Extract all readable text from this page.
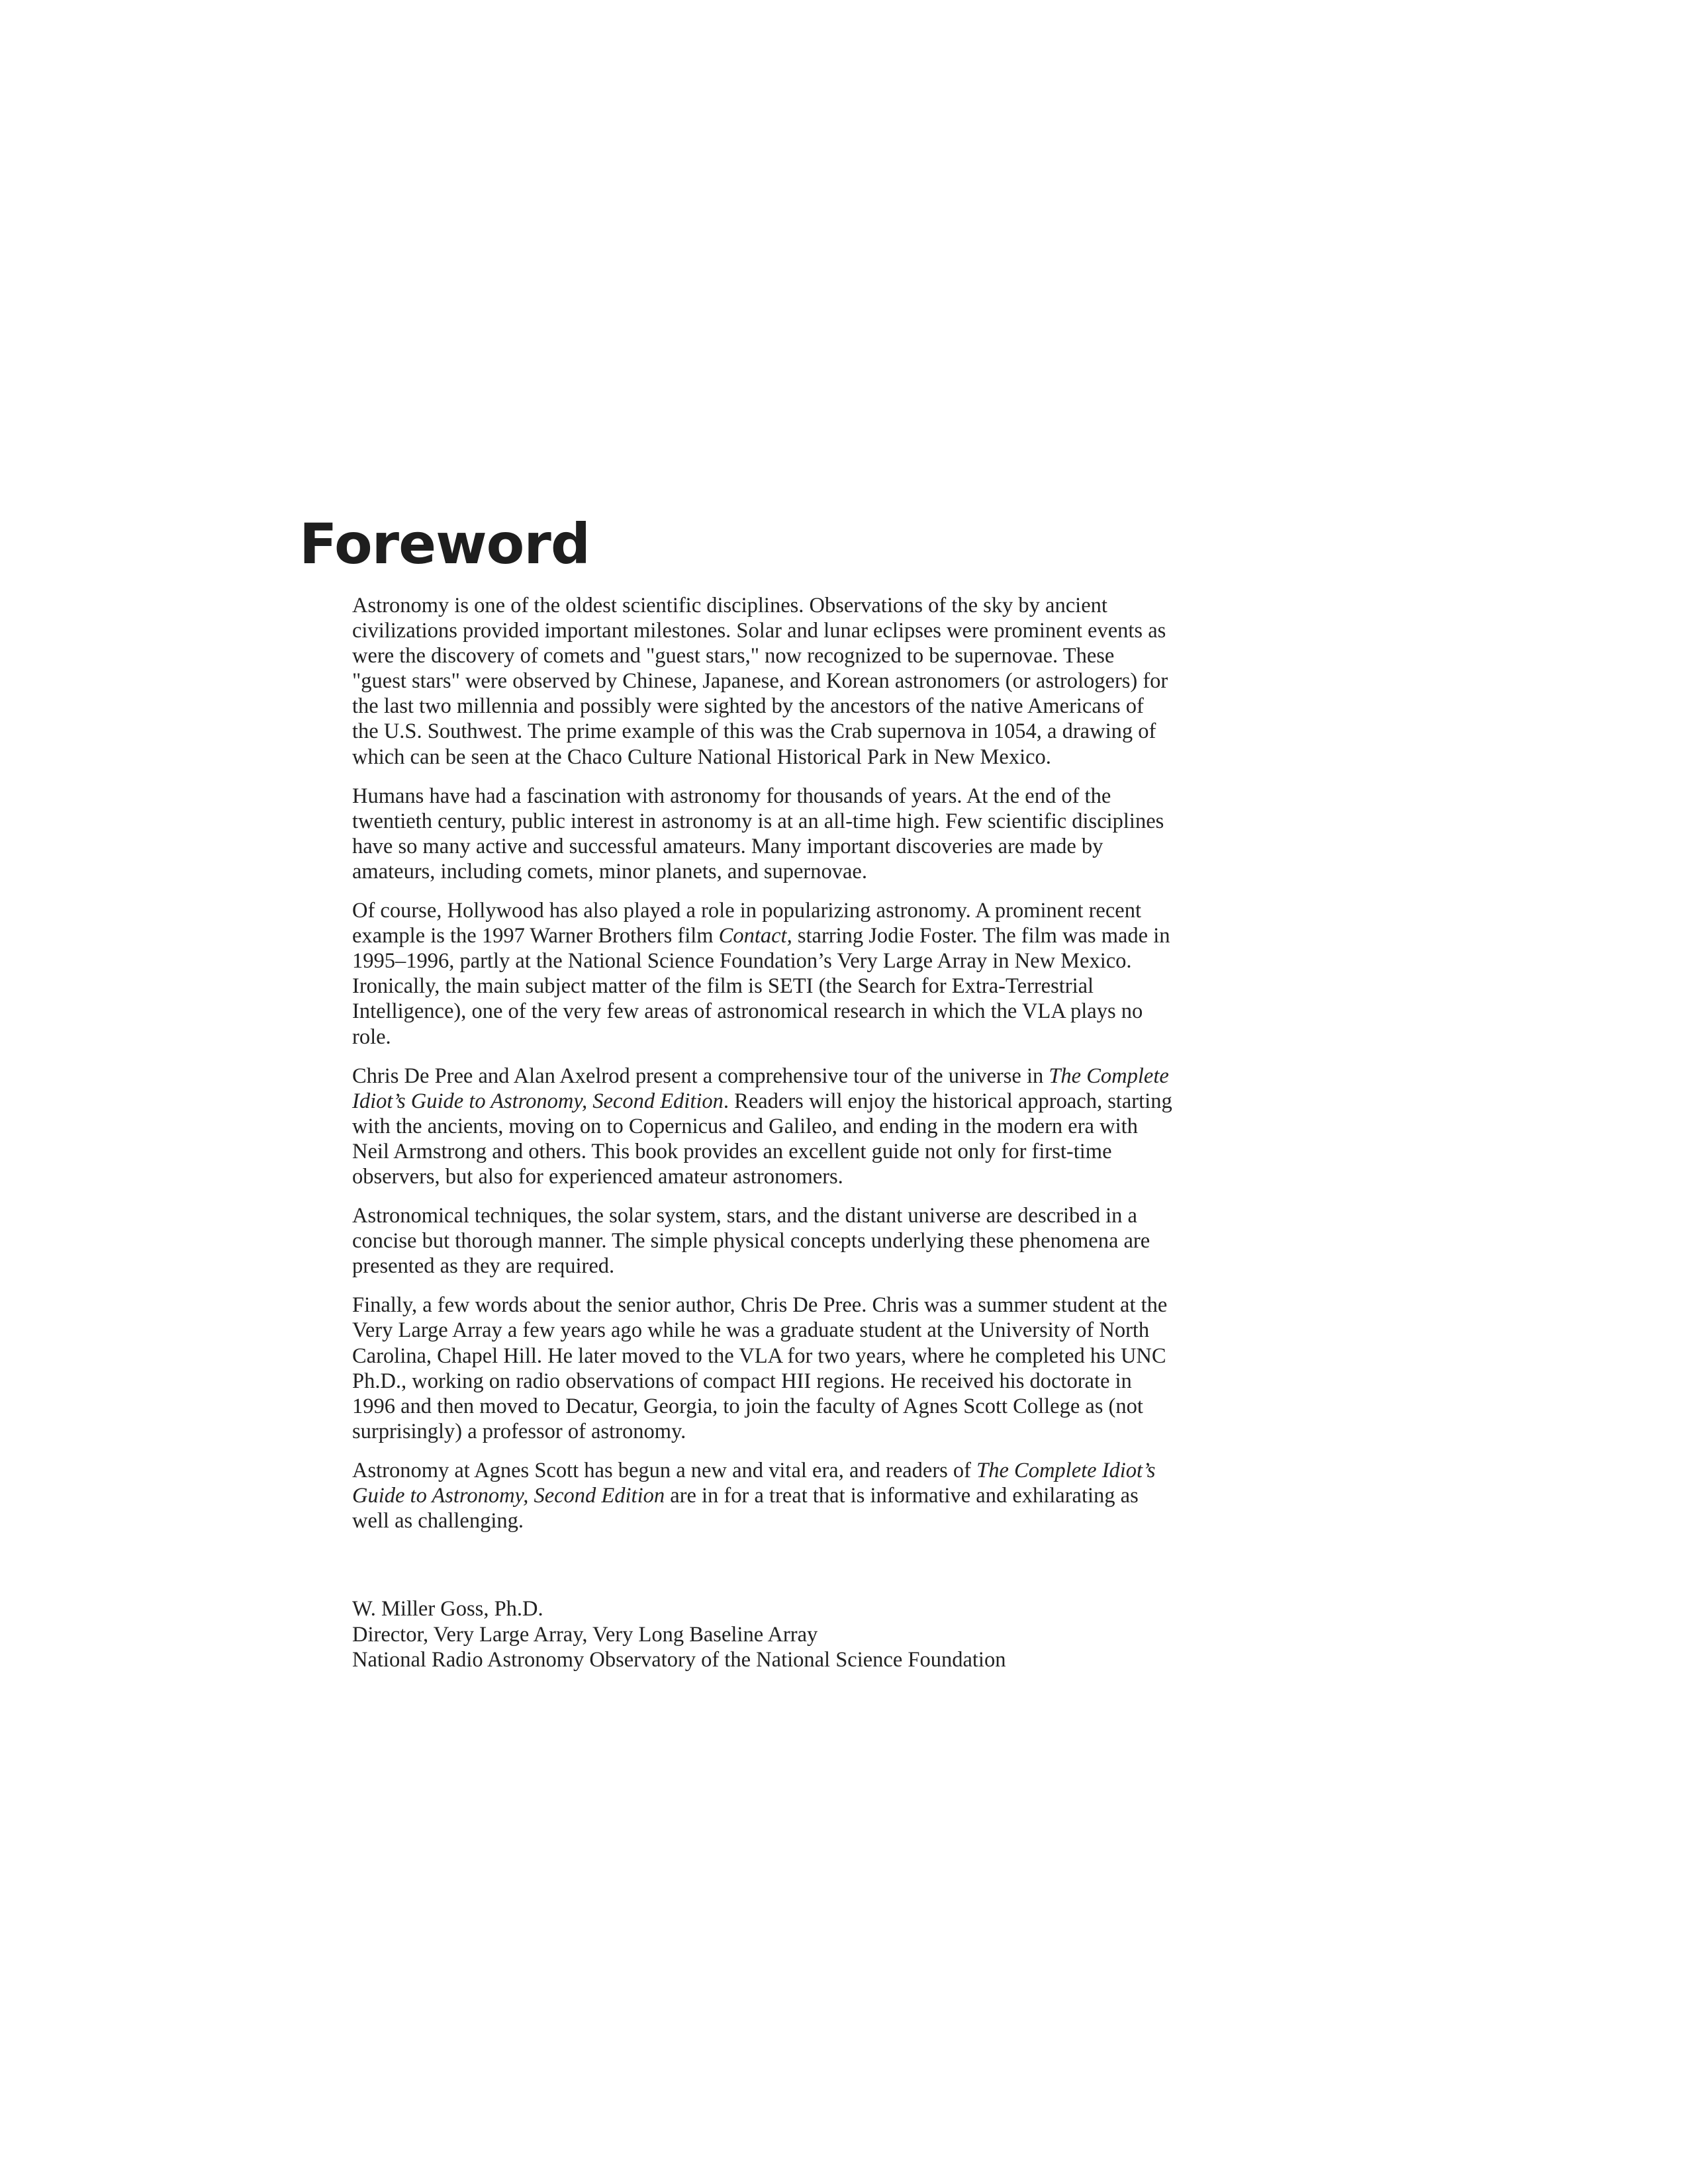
Foreword

Astronomy is one of the oldest scientific disciplines. Observations of the sky by ancient civilizations provided important milestones. Solar and lunar eclipses were prominent events as were the discovery of comets and "guest stars," now recognized to be supernovae. These "guest stars" were observed by Chinese, Japanese, and Korean astronomers (or astrologers) for the last two millennia and possibly were sighted by the ancestors of the native Americans of the U.S. Southwest. The prime example of this was the Crab supernova in 1054, a drawing of which can be seen at the Chaco Culture National Historical Park in New Mexico.

Humans have had a fascination with astronomy for thousands of years. At the end of the twentieth century, public interest in astronomy is at an all-time high. Few scientific disciplines have so many active and successful amateurs. Many important discoveries are made by amateurs, including comets, minor planets, and supernovae.

Of course, Hollywood has also played a role in popularizing astronomy. A prominent recent example is the 1997 Warner Brothers film Contact, starring Jodie Foster. The film was made in 1995–1996, partly at the National Science Foundation’s Very Large Array in New Mexico. Ironically, the main subject matter of the film is SETI (the Search for Extra-Terrestrial Intelligence), one of the very few areas of astronomical research in which the VLA plays no role.

Chris De Pree and Alan Axelrod present a comprehensive tour of the universe in The Complete Idiot’s Guide to Astronomy, Second Edition. Readers will enjoy the historical approach, starting with the ancients, moving on to Copernicus and Galileo, and ending in the modern era with Neil Armstrong and others. This book provides an excellent guide not only for first-time observers, but also for experienced amateur astronomers.

Astronomical techniques, the solar system, stars, and the distant universe are described in a concise but thorough manner. The simple physical concepts underlying these phenomena are presented as they are required.

Finally, a few words about the senior author, Chris De Pree. Chris was a summer student at the Very Large Array a few years ago while he was a graduate student at the University of North Carolina, Chapel Hill. He later moved to the VLA for two years, where he completed his UNC Ph.D., working on radio observations of compact HII regions. He received his doctorate in 1996 and then moved to Decatur, Georgia, to join the faculty of Agnes Scott College as (not surprisingly) a professor of astronomy.

Astronomy at Agnes Scott has begun a new and vital era, and readers of The Complete Idiot’s Guide to Astronomy, Second Edition are in for a treat that is informative and exhilarating as well as challenging.

W. Miller Goss, Ph.D.
Director, Very Large Array, Very Long Baseline Array
National Radio Astronomy Observatory of the National Science Foundation
